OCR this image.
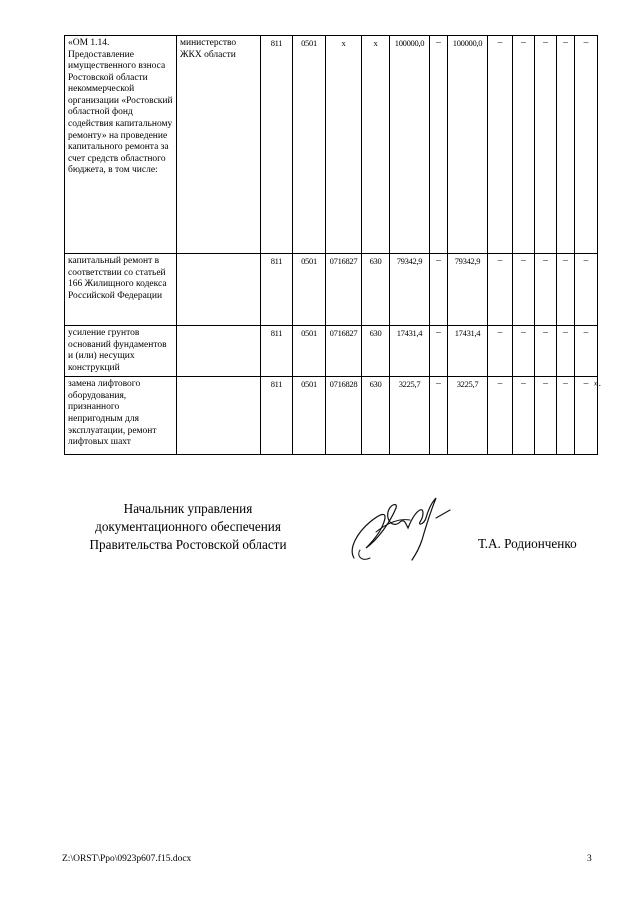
«ОМ 1.14. Предоставление имущественного взноса Ростовской области некоммерческой организации «Ростовский областной фонд содействия капитальному ремонту» на проведение капитального ремонта за счет средств областного бюджета, в том числе:	министерство ЖКХ области	811	0501	х	х	100000,0	–	100000,0	–	–	–	–	–
капитальный ремонт в соответствии со статьей 166 Жилищного кодекса Российской Федерации		811	0501	0716827	630	79342,9	–	79342,9	–	–	–	–	–
усиление грунтов оснований фундаментов и (или) несущих конструкций		811	0501	0716827	630	17431,4	–	17431,4	–	–	–	–	–
замена лифтового оборудования, признанного непригодным для эксплуатации, ремонт лифтовых шахт		811	0501	0716828	630	3225,7	–	3225,7	–	–	–	–	– ».
Начальник управления
документационного обеспечения
Правительства Ростовской области	Т.А. Родионченко
Z:\ORST\Ppo\0923p607.f15.docx	3
